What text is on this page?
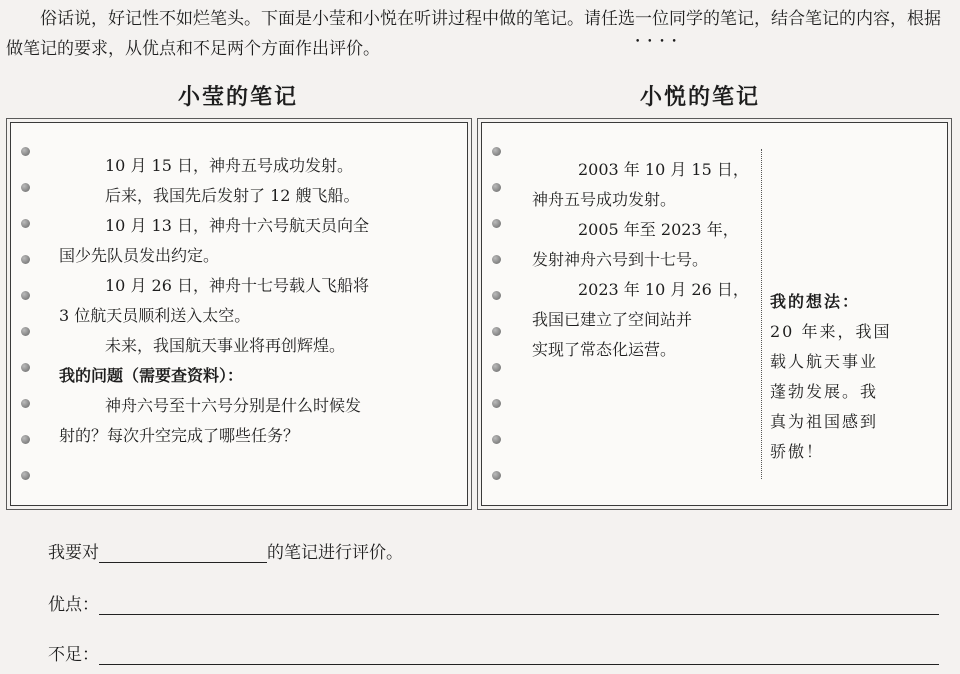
俗话说，好记性不如烂笔头。下面是小莹和小悦在听讲过程中做的笔记。请任选一位 • • • •同学的笔记，结合笔记的内容，根据做笔记的要求，从优点和不足两个方面作出评价。
小莹的笔记	小悦的笔记
10 月 15 日，神舟五号成功发射。
后来，我国先后发射了 12 艘飞船。
10 月 13 日，神舟十六号航天员向全
国少先队员发出约定。
10 月 26 日，神舟十七号载人飞船将
3 位航天员顺利送入太空。
未来，我国航天事业将再创辉煌。
我的问题（需要查资料）：
神舟六号至十六号分别是什么时候发
射的？每次升空完成了哪些任务？
2003 年 10 月 15 日，
神舟五号成功发射。
2005 年至 2023 年，
发射神舟六号到十七号。
2023 年 10 月 26 日，
我国已建立了空间站并
实现了常态化运营。
我的想法：
20 年来，我国
载人航天事业
蓬勃发展。我
真为祖国感到
骄傲！
我要对	的笔记进行评价。
优点：
不足：
